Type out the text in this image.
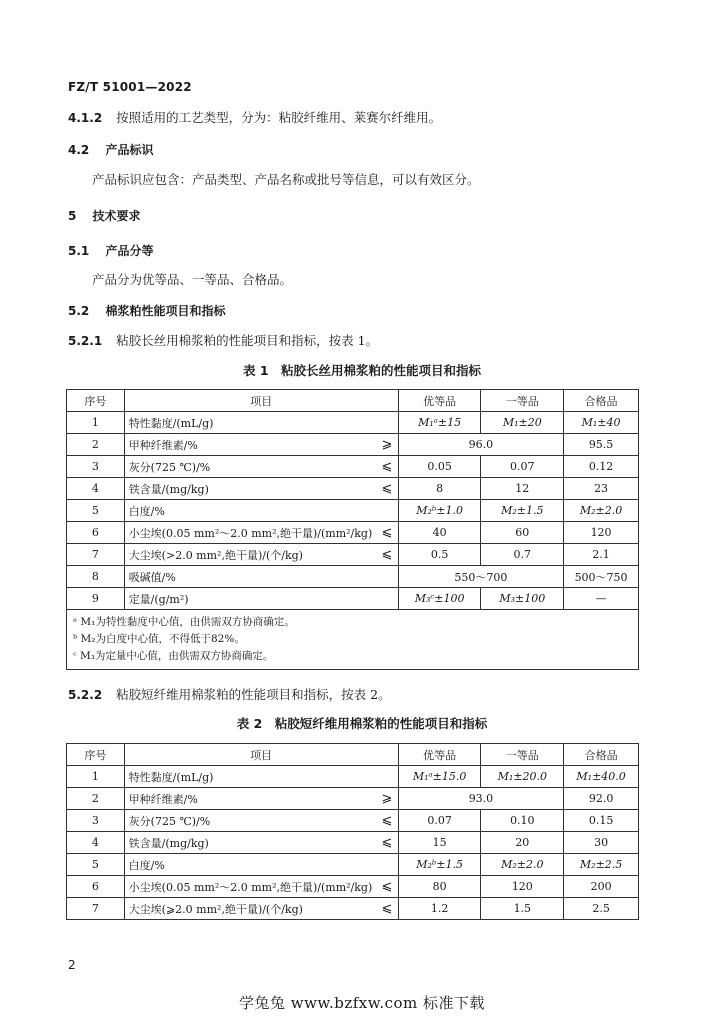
FZ/T 51001—2022
4.1.2 按照适用的工艺类型，分为：粘胶纤维用、莱赛尔纤维用。
4.2 产品标识
产品标识应包含：产品类型、产品名称或批号等信息，可以有效区分。
5 技术要求
5.1 产品分等
产品分为优等品、一等品、合格品。
5.2 棉浆粕性能项目和指标
5.2.1 粘胶长丝用棉浆粕的性能项目和指标，按表 1。
表 1　粘胶长丝用棉浆粕的性能项目和指标
序号	项目		优等品	一等品	合格品
1	特性黏度/(mL/g)		M₁ᵃ±15	M₁±20	M₁±40
2	甲种纤维素/%	⩾	96.0		95.5
3	灰分(725 ℃)/%	⩽	0.05	0.07	0.12
4	铁含量/(mg/kg)	⩽	8	12	23
5	白度/%		M₂ᵇ±1.0	M₂±1.5	M₂±2.0
6	小尘埃(0.05 mm²～2.0 mm²,绝干量)/(mm²/kg)	⩽	40	60	120
7	大尘埃(>2.0 mm²,绝干量)/(个/kg)	⩽	0.5	0.7	2.1
8	吸碱值/%		550～700		500～750
9	定量/(g/m²)		M₃ᶜ±100	M₃±100	—

ᵃ M₁为特性黏度中心值，由供需双方协商确定。
ᵇ M₂为白度中心值，不得低于82%。
ᶜ M₃为定量中心值，由供需双方协商确定。					
5.2.2 粘胶短纤维用棉浆粕的性能项目和指标，按表 2。
表 2　粘胶短纤维用棉浆粕的性能项目和指标
序号	项目		优等品	一等品	合格品
1	特性黏度/(mL/g)		M₁ᵃ±15.0	M₁±20.0	M₁±40.0
2	甲种纤维素/%	⩾	93.0		92.0
3	灰分(725 ℃)/%	⩽	0.07	0.10	0.15
4	铁含量/(mg/kg)	⩽	15	20	30
5	白度/%		M₂ᵇ±1.5	M₂±2.0	M₂±2.5
6	小尘埃(0.05 mm²～2.0 mm²,绝干量)/(mm²/kg)	⩽	80	120	200
7	大尘埃(⩾2.0 mm²,绝干量)/(个/kg)	⩽	1.2	1.5	2.5
2
学兔兔 www.bzfxw.com 标准下载
